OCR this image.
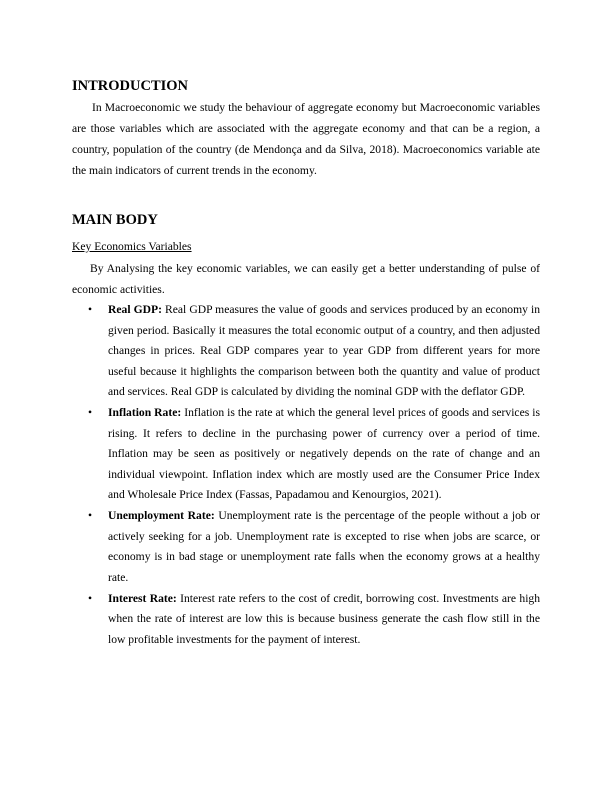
INTRODUCTION

In Macroeconomic we study the behaviour of aggregate economy but Macroeconomic variables are those variables which are associated with the aggregate economy and that can be a region, a country, population of the country (de Mendonça and da Silva, 2018). Macroeconomics variable ate the main indicators of current trends in the economy.

MAIN BODY

Key Economics Variables

By Analysing the key economic variables, we can easily get a better understanding of pulse of economic activities.

• Real GDP: Real GDP measures the value of goods and services produced by an economy in given period. Basically it measures the total economic output of a country, and then adjusted changes in prices. Real GDP compares year to year GDP from different years for more useful because it highlights the comparison between both the quantity and value of product and services. Real GDP is calculated by dividing the nominal GDP with the deflator GDP.
• Inflation Rate: Inflation is the rate at which the general level prices of goods and services is rising. It refers to decline in the purchasing power of currency over a period of time. Inflation may be seen as positively or negatively depends on the rate of change and an individual viewpoint. Inflation index which are mostly used are the Consumer Price Index and Wholesale Price Index (Fassas, Papadamou and Kenourgios, 2021).
• Unemployment Rate: Unemployment rate is the percentage of the people without a job or actively seeking for a job. Unemployment rate is excepted to rise when jobs are scarce, or economy is in bad stage or unemployment rate falls when the economy grows at a healthy rate.
• Interest Rate: Interest rate refers to the cost of credit, borrowing cost. Investments are high when the rate of interest are low this is because business generate the cash flow still in the low profitable investments for the payment of interest.
